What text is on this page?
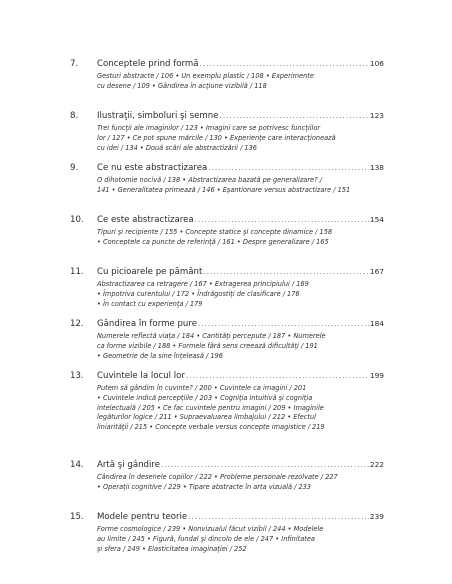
7.	Conceptele prind formă .....	106
Gesturi abstracte / 106 • Un exemplu plastic / 108 • Experimente
cu desene / 109 • Gândirea în acţiune vizibilă / 118
8.	Ilustraţii, simboluri şi semne .....	123
Trei funcţii ale imaginilor / 123 • Imagini care se potrivesc funcţiilor
lor / 127 • Ce pot spune mărcile / 130 • Experienţe care interacţionează
cu idei / 134 • Două scări ale abstractizării / 136
9.	Ce nu este abstractizarea .....	138
O dihotomie nocivă / 138 • Abstractizarea bazată pe generalizare? /
141 • Generalitatea primează / 146 • Eşantionare versus abstractizare / 151
10.	Ce este abstractizarea .....	154
Tipuri şi recipiente / 155 • Concepte statice şi concepte dinamice / 158
• Conceptele ca puncte de referinţă / 161 • Despre generalizare / 165
11.	Cu picioarele pe pământ .....	167
Abstractizarea ca retragere / 167 • Extragerea principiului / 169
• Împotriva curentului / 172 • Îndrăgostiţi de clasificare / 176
• În contact cu experienţa / 179
12.	Gândirea în forme pure .....	184
Numerele reflectă viaţa / 184 • Cantităţi percepute / 187 • Numerele
ca forme vizibile / 188 • Formele fără sens creează dificultăţi / 191
• Geometrie de la sine înţeleasă / 196
13.	Cuvintele la locul lor .....	199
Putem să gândim în cuvinte? / 200 • Cuvintele ca imagini / 201
• Cuvintele indică percepţiile / 203 • Cogniţia intuitivă şi cogniţia
intelectuală / 205 • Ce fac cuvintele pentru imagini / 209 • Imaginile
legăturilor logice / 211 • Supraevaluarea limbajului / 212 • Efectul
liniarităţii / 215 • Concepte verbale versus concepte imagistice / 219
14.	Artă şi gândire .....	222
Cândirea în desenele copiilor / 222 • Probleme personale rezolvate / 227
• Operaţii cognitive / 229 • Tipare abstracte în arta vizuală / 233
15.	Modele pentru teorie .....	239
Forme cosmologice / 239 • Nonvizualul făcut vizibil / 244 • Modelele
au limite / 245 • Figură, fundal şi dincolo de ele / 247 • Infinitatea
şi sfera / 249 • Elasticitatea imaginaţiei / 252
